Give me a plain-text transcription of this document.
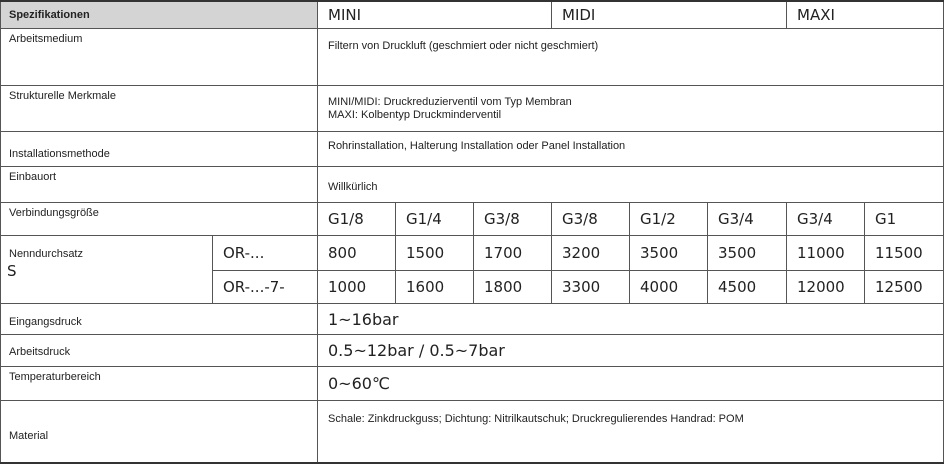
Spezifikationen		MINI			MIDI			MAXI	
Arbeitsmedium		Filtern von Druckluft (geschmiert oder nicht geschmiert)							
Strukturelle Merkmale		MINI/MIDI: Druckreduzierventil vom Typ Membran
MAXI: Kolbentyp Druckminderventil							

Installationsmethode		Rohrinstallation, Halterung Installation oder Panel Installation							
Einbauort		Willkürlich							
Verbindungsgröße		G1/8	G1/4	G3/8	G3/8	G1/2	G3/4	G3/4	G1

Nenndurchsatz
S	OR-...	800	1500	1700	3200	3500	3500	11000	11500
	OR-...-7-	1000	1600	1800	3300	4000	4500	12000	12500
Eingangsdruck		1~16bar							
Arbeitsdruck		0.5~12bar / 0.5~7bar							
Temperaturbereich		0~60℃							
Material		Schale: Zinkdruckguss; Dichtung: Nitrilkautschuk; Druckregulierendes Handrad: POM							
